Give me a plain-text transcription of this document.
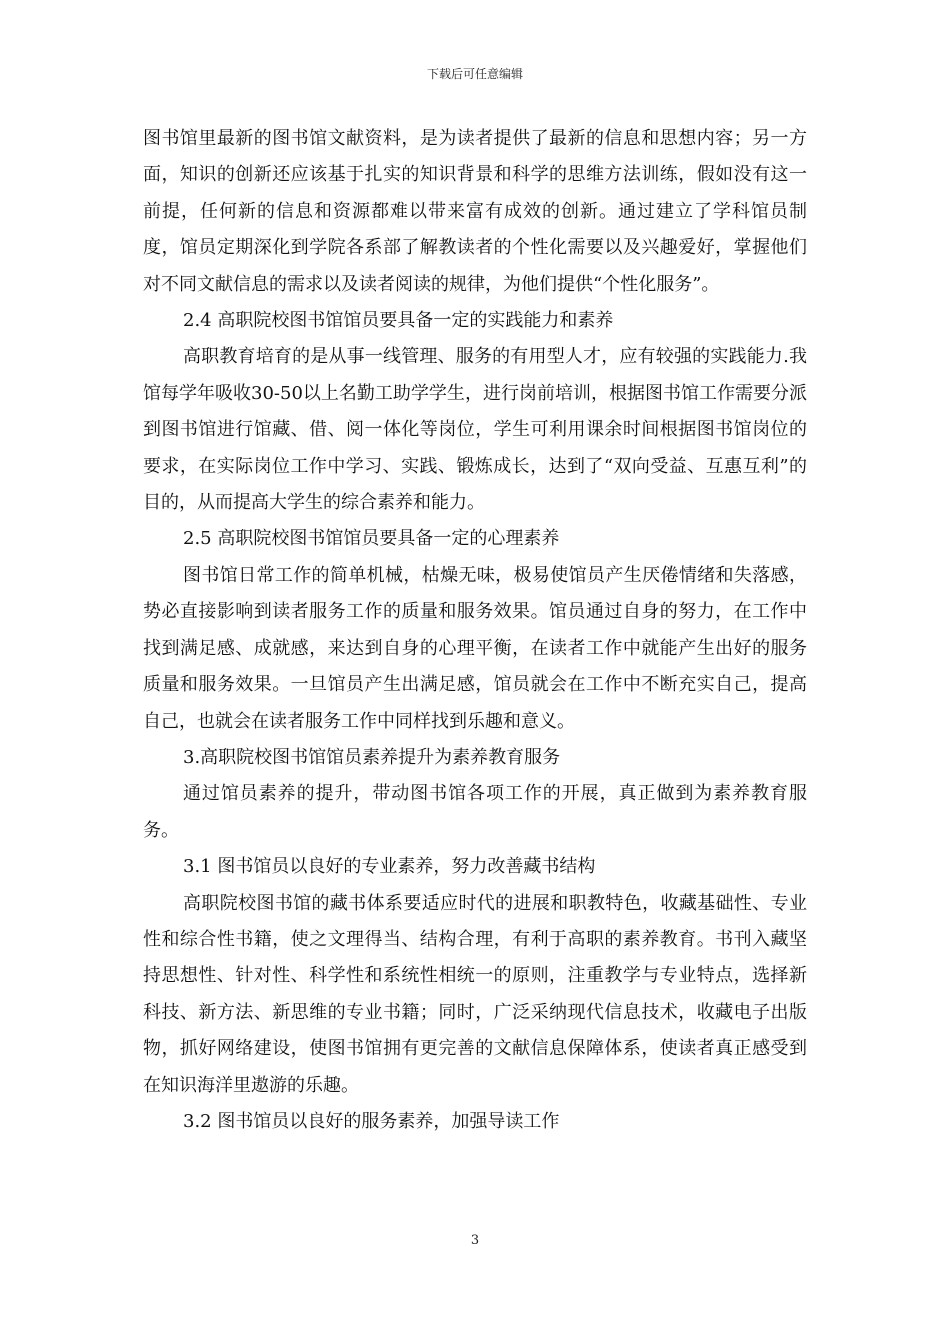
下载后可任意编辑

图书馆里最新的图书馆文献资料，是为读者提供了最新的信息和思想内容；另一方面，知识的创新还应该基于扎实的知识背景和科学的思维方法训练，假如没有这一前提，任何新的信息和资源都难以带来富有成效的创新。通过建立了学科馆员制度，馆员定期深化到学院各系部了解教读者的个性化需要以及兴趣爱好，掌握他们对不同文献信息的需求以及读者阅读的规律，为他们提供“个性化服务”。

2.4 高职院校图书馆馆员要具备一定的实践能力和素养

高职教育培育的是从事一线管理、服务的有用型人才，应有较强的实践能力.我馆每学年吸收30-50以上名勤工助学学生，进行岗前培训，根据图书馆工作需要分派到图书馆进行馆藏、借、阅一体化等岗位，学生可利用课余时间根据图书馆岗位的要求，在实际岗位工作中学习、实践、锻炼成长，达到了“双向受益、互惠互利”的目的，从而提高大学生的综合素养和能力。

2.5 高职院校图书馆馆员要具备一定的心理素养

图书馆日常工作的简单机械，枯燥无味，极易使馆员产生厌倦情绪和失落感，势必直接影响到读者服务工作的质量和服务效果。馆员通过自身的努力，在工作中找到满足感、成就感，来达到自身的心理平衡，在读者工作中就能产生出好的服务质量和服务效果。一旦馆员产生出满足感，馆员就会在工作中不断充实自己，提高自己，也就会在读者服务工作中同样找到乐趣和意义。

3.高职院校图书馆馆员素养提升为素养教育服务

通过馆员素养的提升，带动图书馆各项工作的开展，真正做到为素养教育服务。

3.1 图书馆员以良好的专业素养，努力改善藏书结构

高职院校图书馆的藏书体系要适应时代的进展和职教特色，收藏基础性、专业性和综合性书籍，使之文理得当、结构合理，有利于高职的素养教育。书刊入藏坚持思想性、针对性、科学性和系统性相统一的原则，注重教学与专业特点，选择新科技、新方法、新思维的专业书籍；同时，广泛采纳现代信息技术，收藏电子出版物，抓好网络建设，使图书馆拥有更完善的文献信息保障体系，使读者真正感受到在知识海洋里遨游的乐趣。

3.2 图书馆员以良好的服务素养，加强导读工作

3
